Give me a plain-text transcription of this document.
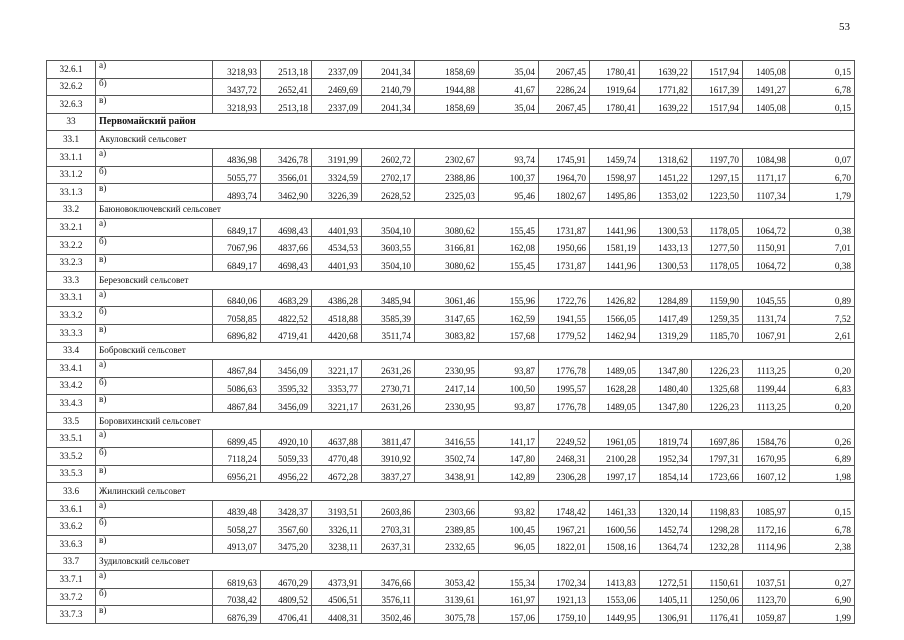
53
32.6.1	а)	3218,93	2513,18	2337,09	2041,34	1858,69	35,04	2067,45	1780,41	1639,22	1517,94	1405,08	0,15
32.6.2	б)	3437,72	2652,41	2469,69	2140,79	1944,88	41,67	2286,24	1919,64	1771,82	1617,39	1491,27	6,78
32.6.3	в)	3218,93	2513,18	2337,09	2041,34	1858,69	35,04	2067,45	1780,41	1639,22	1517,94	1405,08	0,15
33	Первомайский район												
33.1	Акуловский сельсовет												
33.1.1	а)	4836,98	3426,78	3191,99	2602,72	2302,67	93,74	1745,91	1459,74	1318,62	1197,70	1084,98	0,07
33.1.2	б)	5055,77	3566,01	3324,59	2702,17	2388,86	100,37	1964,70	1598,97	1451,22	1297,15	1171,17	6,70
33.1.3	в)	4893,74	3462,90	3226,39	2628,52	2325,03	95,46	1802,67	1495,86	1353,02	1223,50	1107,34	1,79
33.2	Баюновоключевский сельсовет												
33.2.1	а)	6849,17	4698,43	4401,93	3504,10	3080,62	155,45	1731,87	1441,96	1300,53	1178,05	1064,72	0,38
33.2.2	б)	7067,96	4837,66	4534,53	3603,55	3166,81	162,08	1950,66	1581,19	1433,13	1277,50	1150,91	7,01
33.2.3	в)	6849,17	4698,43	4401,93	3504,10	3080,62	155,45	1731,87	1441,96	1300,53	1178,05	1064,72	0,38
33.3	Березовский сельсовет												
33.3.1	а)	6840,06	4683,29	4386,28	3485,94	3061,46	155,96	1722,76	1426,82	1284,89	1159,90	1045,55	0,89
33.3.2	б)	7058,85	4822,52	4518,88	3585,39	3147,65	162,59	1941,55	1566,05	1417,49	1259,35	1131,74	7,52
33.3.3	в)	6896,82	4719,41	4420,68	3511,74	3083,82	157,68	1779,52	1462,94	1319,29	1185,70	1067,91	2,61
33.4	Бобровский сельсовет												
33.4.1	а)	4867,84	3456,09	3221,17	2631,26	2330,95	93,87	1776,78	1489,05	1347,80	1226,23	1113,25	0,20
33.4.2	б)	5086,63	3595,32	3353,77	2730,71	2417,14	100,50	1995,57	1628,28	1480,40	1325,68	1199,44	6,83
33.4.3	в)	4867,84	3456,09	3221,17	2631,26	2330,95	93,87	1776,78	1489,05	1347,80	1226,23	1113,25	0,20
33.5	Боровихинский сельсовет												
33.5.1	а)	6899,45	4920,10	4637,88	3811,47	3416,55	141,17	2249,52	1961,05	1819,74	1697,86	1584,76	0,26
33.5.2	б)	7118,24	5059,33	4770,48	3910,92	3502,74	147,80	2468,31	2100,28	1952,34	1797,31	1670,95	6,89
33.5.3	в)	6956,21	4956,22	4672,28	3837,27	3438,91	142,89	2306,28	1997,17	1854,14	1723,66	1607,12	1,98
33.6	Жилинский сельсовет												
33.6.1	а)	4839,48	3428,37	3193,51	2603,86	2303,66	93,82	1748,42	1461,33	1320,14	1198,83	1085,97	0,15
33.6.2	б)	5058,27	3567,60	3326,11	2703,31	2389,85	100,45	1967,21	1600,56	1452,74	1298,28	1172,16	6,78
33.6.3	в)	4913,07	3475,20	3238,11	2637,31	2332,65	96,05	1822,01	1508,16	1364,74	1232,28	1114,96	2,38
33.7	Зудиловский сельсовет												
33.7.1	а)	6819,63	4670,29	4373,91	3476,66	3053,42	155,34	1702,34	1413,83	1272,51	1150,61	1037,51	0,27
33.7.2	б)	7038,42	4809,52	4506,51	3576,11	3139,61	161,97	1921,13	1553,06	1405,11	1250,06	1123,70	6,90
33.7.3	в)	6876,39	4706,41	4408,31	3502,46	3075,78	157,06	1759,10	1449,95	1306,91	1176,41	1059,87	1,99
